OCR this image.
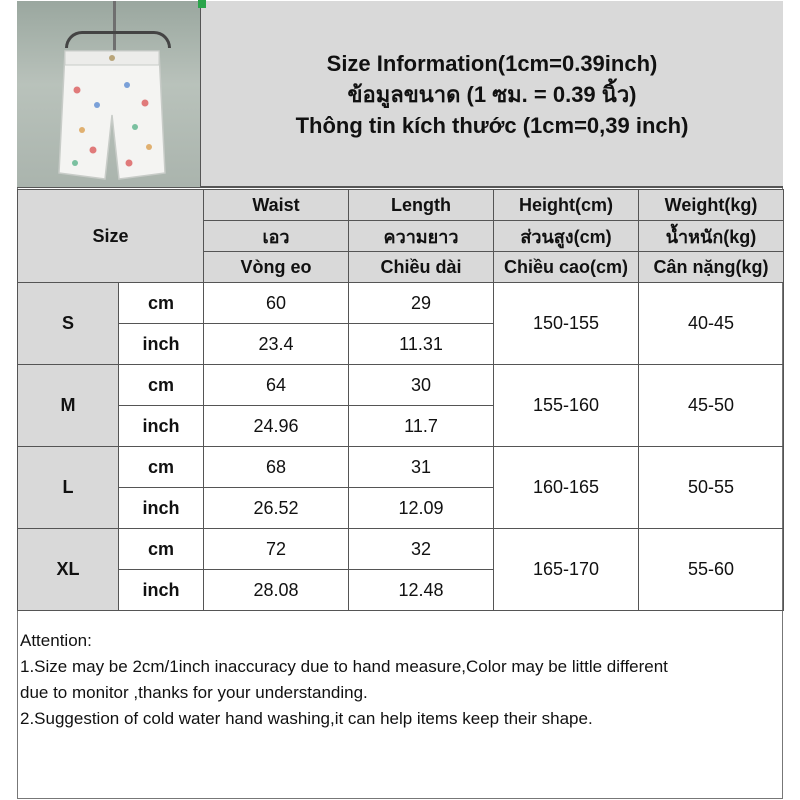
Size Information(1cm=0.39inch)
ข้อมูลขนาด (1 ซม. = 0.39 นิ้ว)
Thông tin kích thước (1cm=0,39 inch)
Size		Waist	Length	Height(cm)	Weight(kg)
		เอว	ความยาว	ส่วนสูง(cm)	น้ำหนัก(kg)
		Vòng eo	Chiều dài	Chiều cao(cm)	Cân nặng(kg)
S	cm	60	29	150-155	40-45
	inch	23.4	11.31		
M	cm	64	30	155-160	45-50
	inch	24.96	11.7		
L	cm	68	31	160-165	50-55
	inch	26.52	12.09		
XL	cm	72	32	165-170	55-60
	inch	28.08	12.48		
Attention:
1.Size may be 2cm/1inch inaccuracy due to hand measure,Color may be little different
due to monitor ,thanks for your understanding.
2.Suggestion of cold water hand washing,it can help items keep their shape.
